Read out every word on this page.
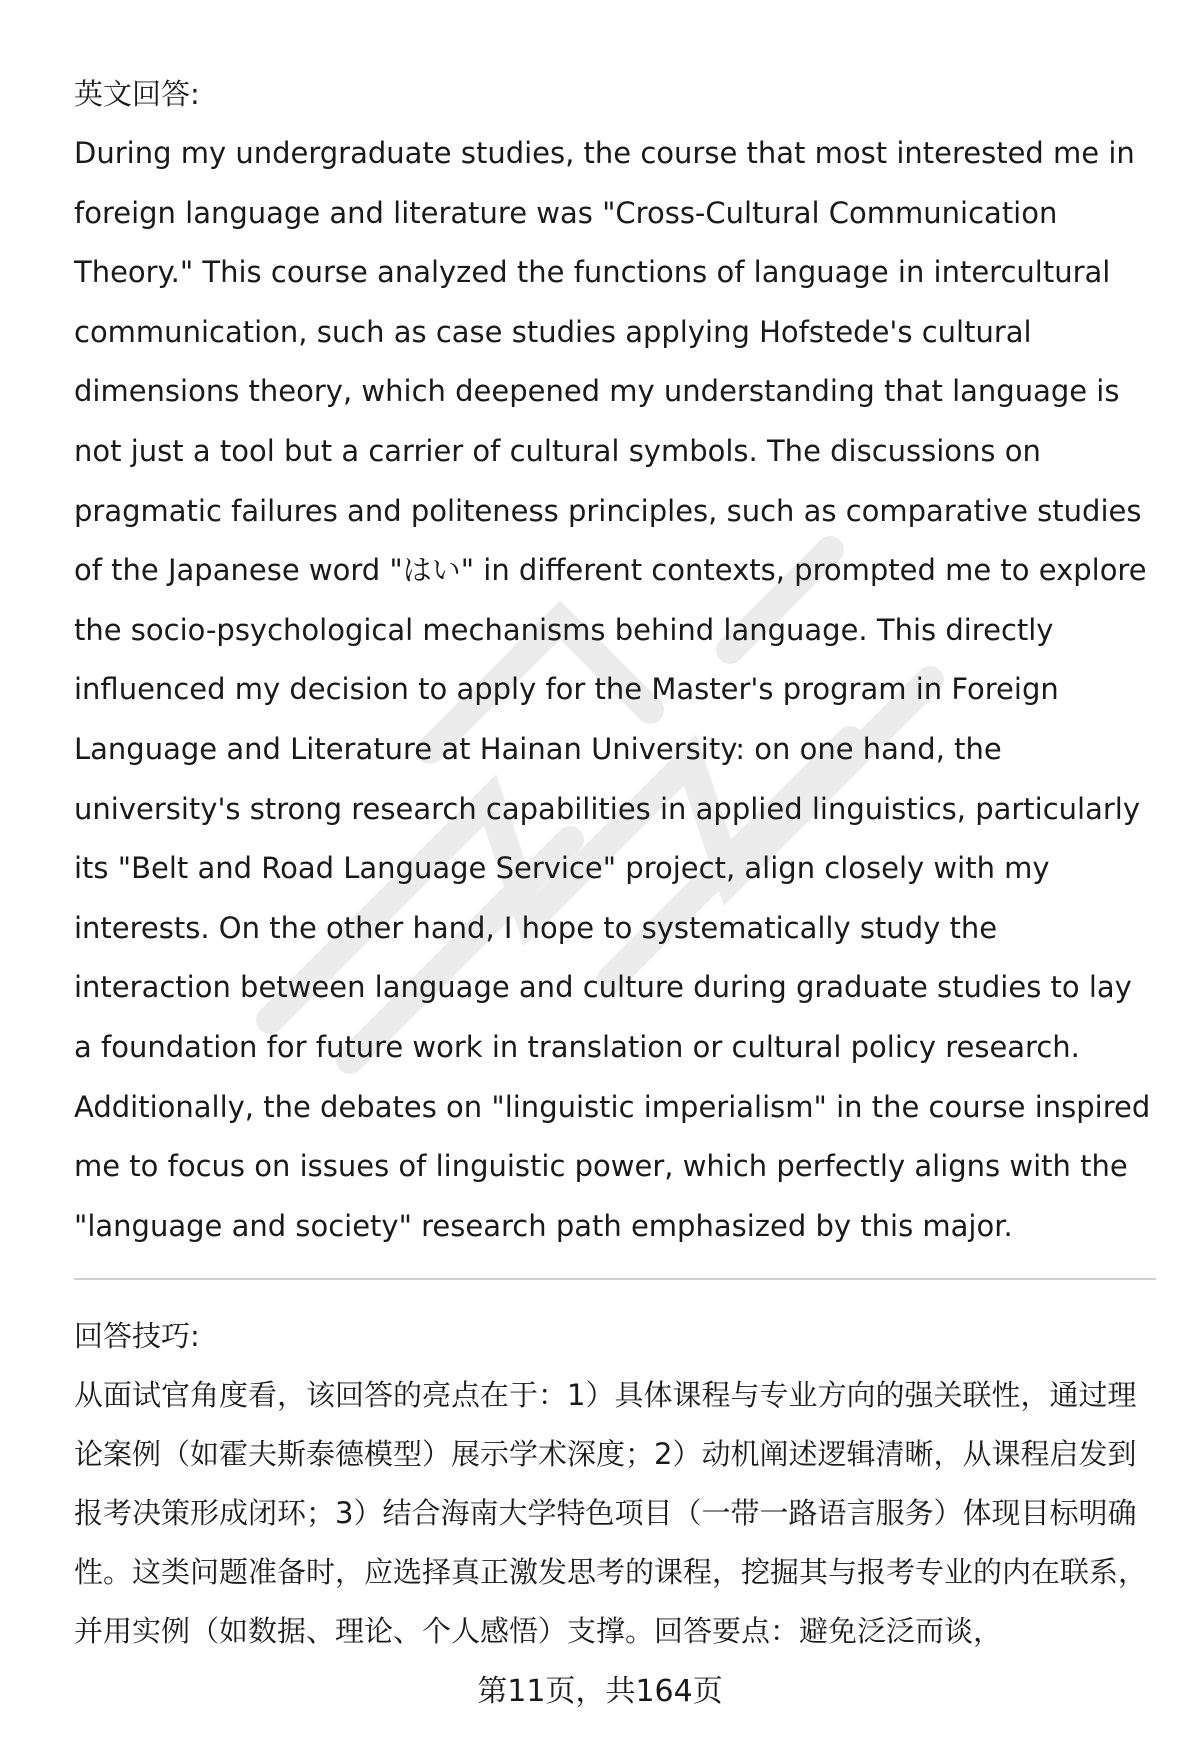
英文回答:

During my undergraduate studies, the course that most interested me in foreign language and literature was "Cross-Cultural Communication Theory." This course analyzed the functions of language in intercultural communication, such as case studies applying Hofstede's cultural dimensions theory, which deepened my understanding that language is not just a tool but a carrier of cultural symbols. The discussions on pragmatic failures and politeness principles, such as comparative studies of the Japanese word "はい" in different contexts, prompted me to explore the socio-psychological mechanisms behind language. This directly influenced my decision to apply for the Master's program in Foreign Language and Literature at Hainan University: on one hand, the university's strong research capabilities in applied linguistics, particularly its "Belt and Road Language Service" project, align closely with my interests. On the other hand, I hope to systematically study the interaction between language and culture during graduate studies to lay a foundation for future work in translation or cultural policy research. Additionally, the debates on "linguistic imperialism" in the course inspired me to focus on issues of linguistic power, which perfectly aligns with the "language and society" research path emphasized by this major.

回答技巧:

从面试官角度看，该回答的亮点在于：1）具体课程与专业方向的强关联性，通过理论案例（如霍夫斯泰德模型）展示学术深度；2）动机阐述逻辑清晰，从课程启发到报考决策形成闭环；3）结合海南大学特色项目（一带一路语言服务）体现目标明确性。这类问题准备时，应选择真正激发思考的课程，挖掘其与报考专业的内在联系，并用实例（如数据、理论、个人感悟）支撑。回答要点：避免泛泛而谈，

第11页，共164页
